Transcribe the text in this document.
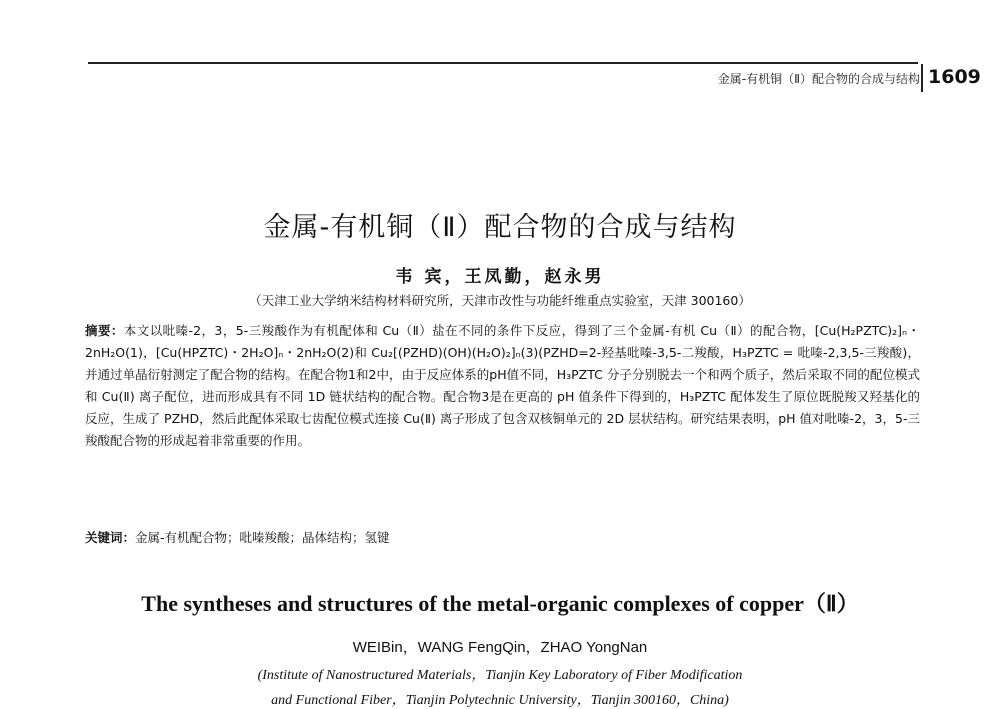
金属-有机铜（Ⅱ）配合物的合成与结构 1609
金属-有机铜（Ⅱ）配合物的合成与结构
韦 宾，王凤勤，赵永男
（天津工业大学纳米结构材料研究所，天津市改性与功能纤维重点实验室，天津 300160）
摘要：本文以吡嗪-2，3，5-三羧酸作为有机配体和 Cu（Ⅱ）盐在不同的条件下反应，得到了三个金属-有机 Cu（Ⅱ）的配合物，[Cu(H₂PZTC)₂]ₙ・2nH₂O(1)，[Cu(HPZTC)・2H₂O]ₙ・2nH₂O(2)和 Cu₂[(PZHD)(OH)(H₂O)₂]ₙ(3)(PZHD=2-羟基吡嗪-3,5-二羧酸，H₃PZTC = 吡嗪-2,3,5-三羧酸)，并通过单晶衍射测定了配合物的结构。在配合物1和2中，由于反应体系的pH值不同，H₃PZTC 分子分别脱去一个和两个质子，然后采取不同的配位模式和 Cu(Ⅱ) 离子配位，进而形成具有不同 1D 链状结构的配合物。配合物3是在更高的 pH 值条件下得到的，H₃PZTC 配体发生了原位既脱羧又羟基化的反应，生成了 PZHD，然后此配体采取七齿配位模式连接 Cu(Ⅱ) 离子形成了包含双核铜单元的 2D 层状结构。研究结果表明，pH 值对吡嗪-2，3，5-三羧酸配合物的形成起着非常重要的作用。
关键词：金属-有机配合物；吡嗪羧酸；晶体结构；氢键
The syntheses and structures of the metal-organic complexes of copper（Ⅱ）
WEIBin，WANG FengQin，ZHAO YongNan
(Institute of Nanostructured Materials，Tianjin Key Laboratory of Fiber Modification
and Functional Fiber，Tianjin Polytechnic University，Tianjin 300160，China)
